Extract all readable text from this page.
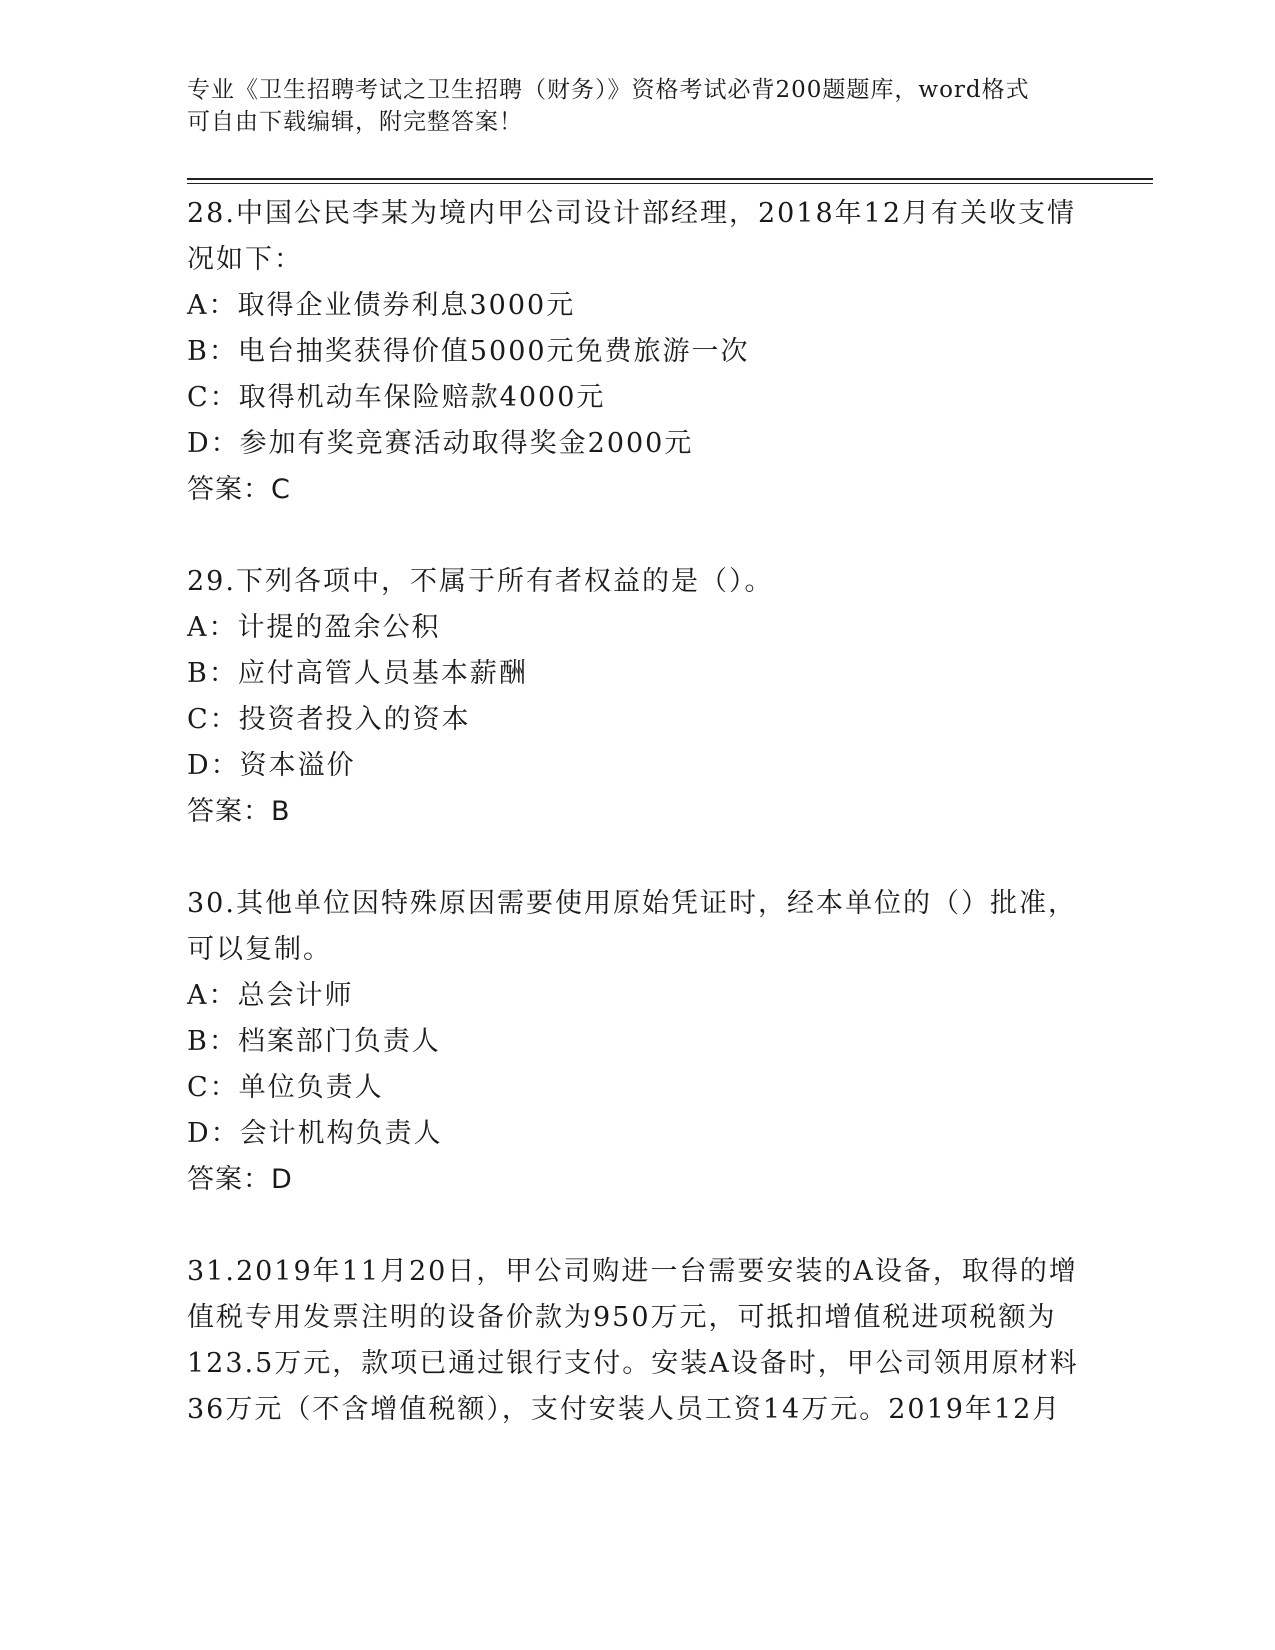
专业《卫生招聘考试之卫生招聘（财务）》资格考试必背200题题库，word格式
可自由下载编辑，附完整答案！

28.中国公民李某为境内甲公司设计部经理，2018年12月有关收支情

况如下：

A：取得企业债券利息3000元

B：电台抽奖获得价值5000元免费旅游一次

C：取得机动车保险赔款4000元

D：参加有奖竞赛活动取得奖金2000元

答案：C

29.下列各项中，不属于所有者权益的是（）。

A：计提的盈余公积

B：应付高管人员基本薪酬

C：投资者投入的资本

D：资本溢价

答案：B

30.其他单位因特殊原因需要使用原始凭证时，经本单位的（）批准，

可以复制。

A：总会计师

B：档案部门负责人

C：单位负责人

D：会计机构负责人

答案：D

31.2019年11月20日，甲公司购进一台需要安装的A设备，取得的增

值税专用发票注明的设备价款为950万元，可抵扣增值税进项税额为

123.5万元，款项已通过银行支付。安装A设备时，甲公司领用原材料

36万元（不含增值税额），支付安装人员工资14万元。2019年12月
